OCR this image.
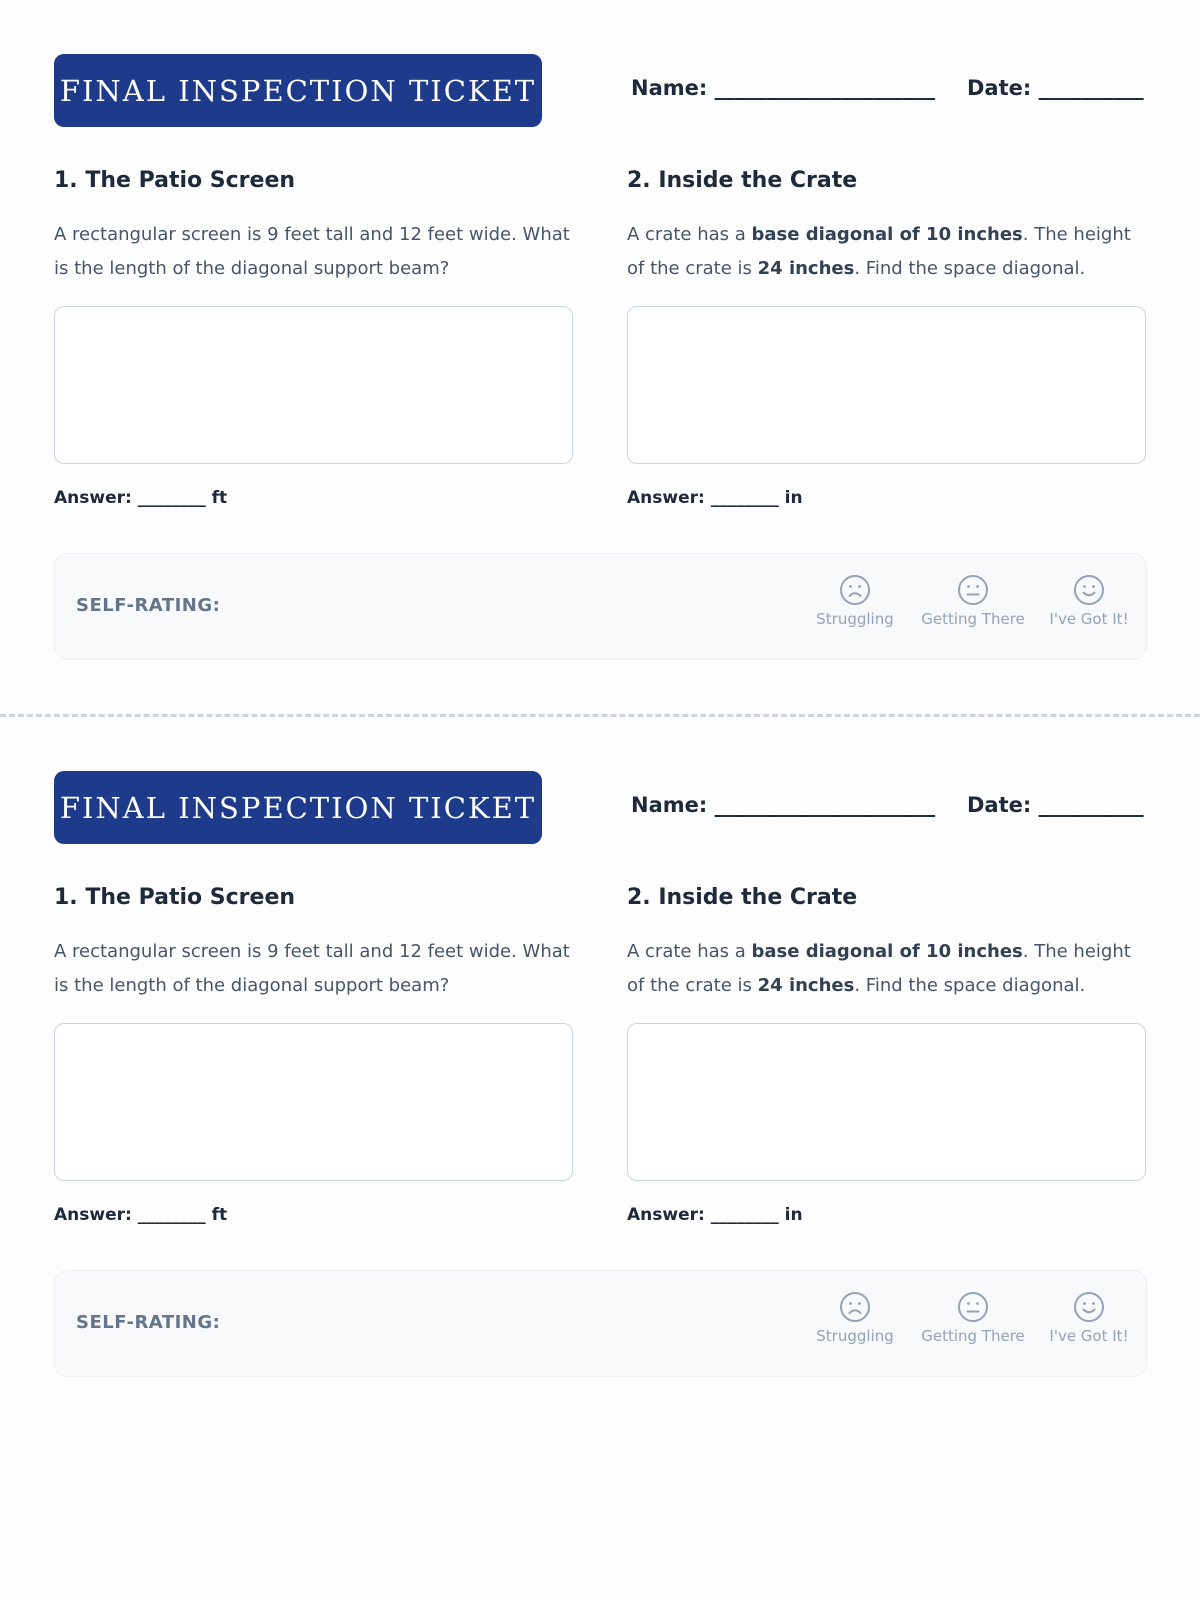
FINAL INSPECTION TICKET	Name: _____________________ Date: __________
1. The Patio Screen
A rectangular screen is 9 feet tall and 12 feet wide. What is the length of the diagonal support beam?
Answer: ________ ft
2. Inside the Crate
A crate has a base diagonal of 10 inches. The height of the crate is 24 inches. Find the space diagonal.
Answer: ________ in
SELF-RATING:
Struggling	Getting There	I've Got It!
FINAL INSPECTION TICKET	Name: _____________________ Date: __________
1. The Patio Screen
A rectangular screen is 9 feet tall and 12 feet wide. What is the length of the diagonal support beam?
Answer: ________ ft
2. Inside the Crate
A crate has a base diagonal of 10 inches. The height of the crate is 24 inches. Find the space diagonal.
Answer: ________ in
SELF-RATING:
Struggling	Getting There	I've Got It!
